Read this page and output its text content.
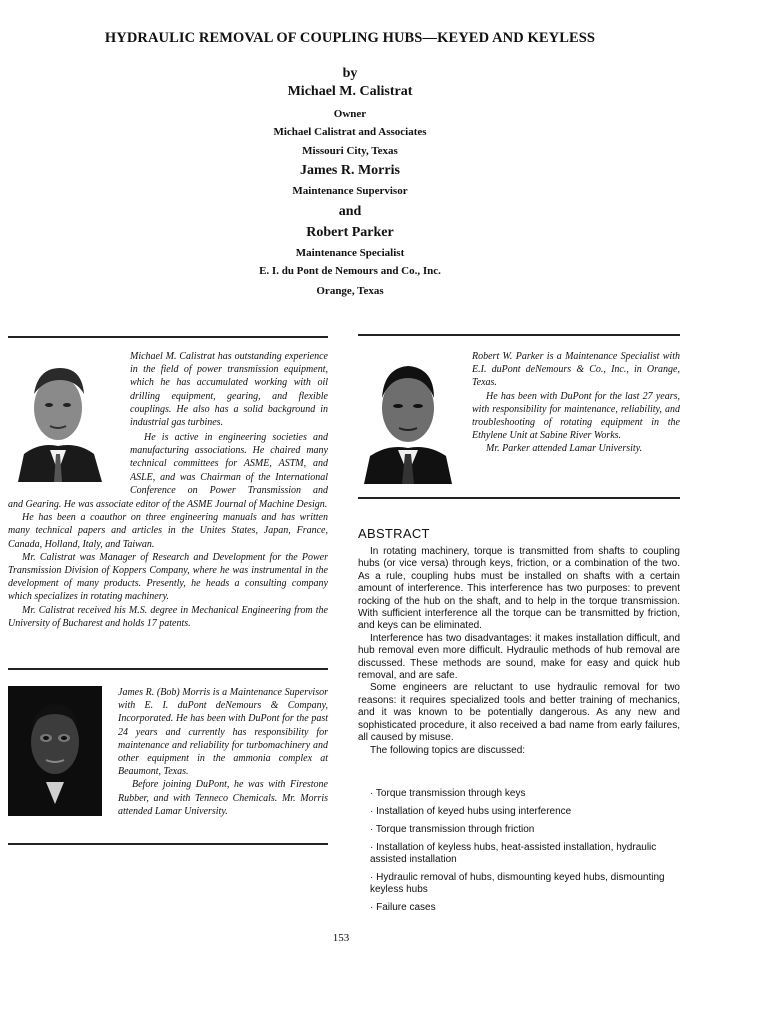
HYDRAULIC REMOVAL OF COUPLING HUBS—KEYED AND KEYLESS
by
Michael M. Calistrat
Owner
Michael Calistrat and Associates
Missouri City, Texas
James R. Morris
Maintenance Supervisor
and
Robert Parker
Maintenance Specialist
E. I. du Pont de Nemours and Co., Inc.
Orange, Texas

Michael M. Calistrat has outstanding experience in the field of power transmission equipment, which he has accumulated working with oil drilling equipment, gearing, and flexible couplings. He also has a solid background in industrial gas turbines.

He is active in engineering societies and manufacturing associations. He chaired many technical committees for ASME, ASTM, and ASLE, and was Chairman of the International Conference on Power Transmission and

and Gearing. He was associate editor of the ASME Journal of Machine Design.

He has been a coauthor on three engineering manuals and has written many technical papers and articles in the Unites States, Japan, France, Canada, Holland, Italy, and Taiwan.

Mr. Calistrat was Manager of Research and Development for the Power Transmission Division of Koppers Company, where he was instrumental in the development of many products. Presently, he heads a consulting company which specializes in rotating machinery.

Mr. Calistrat received his M.S. degree in Mechanical Engineering from the University of Bucharest and holds 17 patents.

Robert W. Parker is a Maintenance Specialist with E.I. duPont deNemours & Co., Inc., in Orange, Texas.

He has been with DuPont for the last 27 years, with responsibility for maintenance, reliability, and troubleshooting of rotating equipment in the Ethylene Unit at Sabine River Works.

Mr. Parker attended Lamar University.

James R. (Bob) Morris is a Maintenance Supervisor with E. I. duPont deNemours & Company, Incorporated. He has been with DuPont for the past 24 years and currently has responsibility for maintenance and reliability for turbomachinery and other equipment in the ammonia complex at Beaumont, Texas.

Before joining DuPont, he was with Firestone Rubber, and with Tenneco Chemicals. Mr. Morris attended Lamar University.

ABSTRACT

In rotating machinery, torque is transmitted from shafts to coupling hubs (or vice versa) through keys, friction, or a combination of the two. As a rule, coupling hubs must be installed on shafts with a certain amount of interference. This interference has two purposes: to prevent rocking of the hub on the shaft, and to help in the torque transmission. With sufficient interference all the torque can be transmitted by friction, and keys can be eliminated.

Interference has two disadvantages: it makes installation difficult, and hub removal even more difficult. Hydraulic methods of hub removal are discussed. These methods are sound, make for easy and quick hub removal, and are safe.

Some engineers are reluctant to use hydraulic removal for two reasons: it requires specialized tools and better training of mechanics, and it was known to be potentially dangerous. As any new and sophisticated procedure, it also received a bad name from early failures, all caused by misuse.

The following topics are discussed:

· Torque transmission through keys
· Installation of keyed hubs using interference
· Torque transmission through friction
· Installation of keyless hubs, heat-assisted installation, hydraulic assisted installation
· Hydraulic removal of hubs, dismounting keyed hubs, dismounting keyless hubs
· Failure cases
153
